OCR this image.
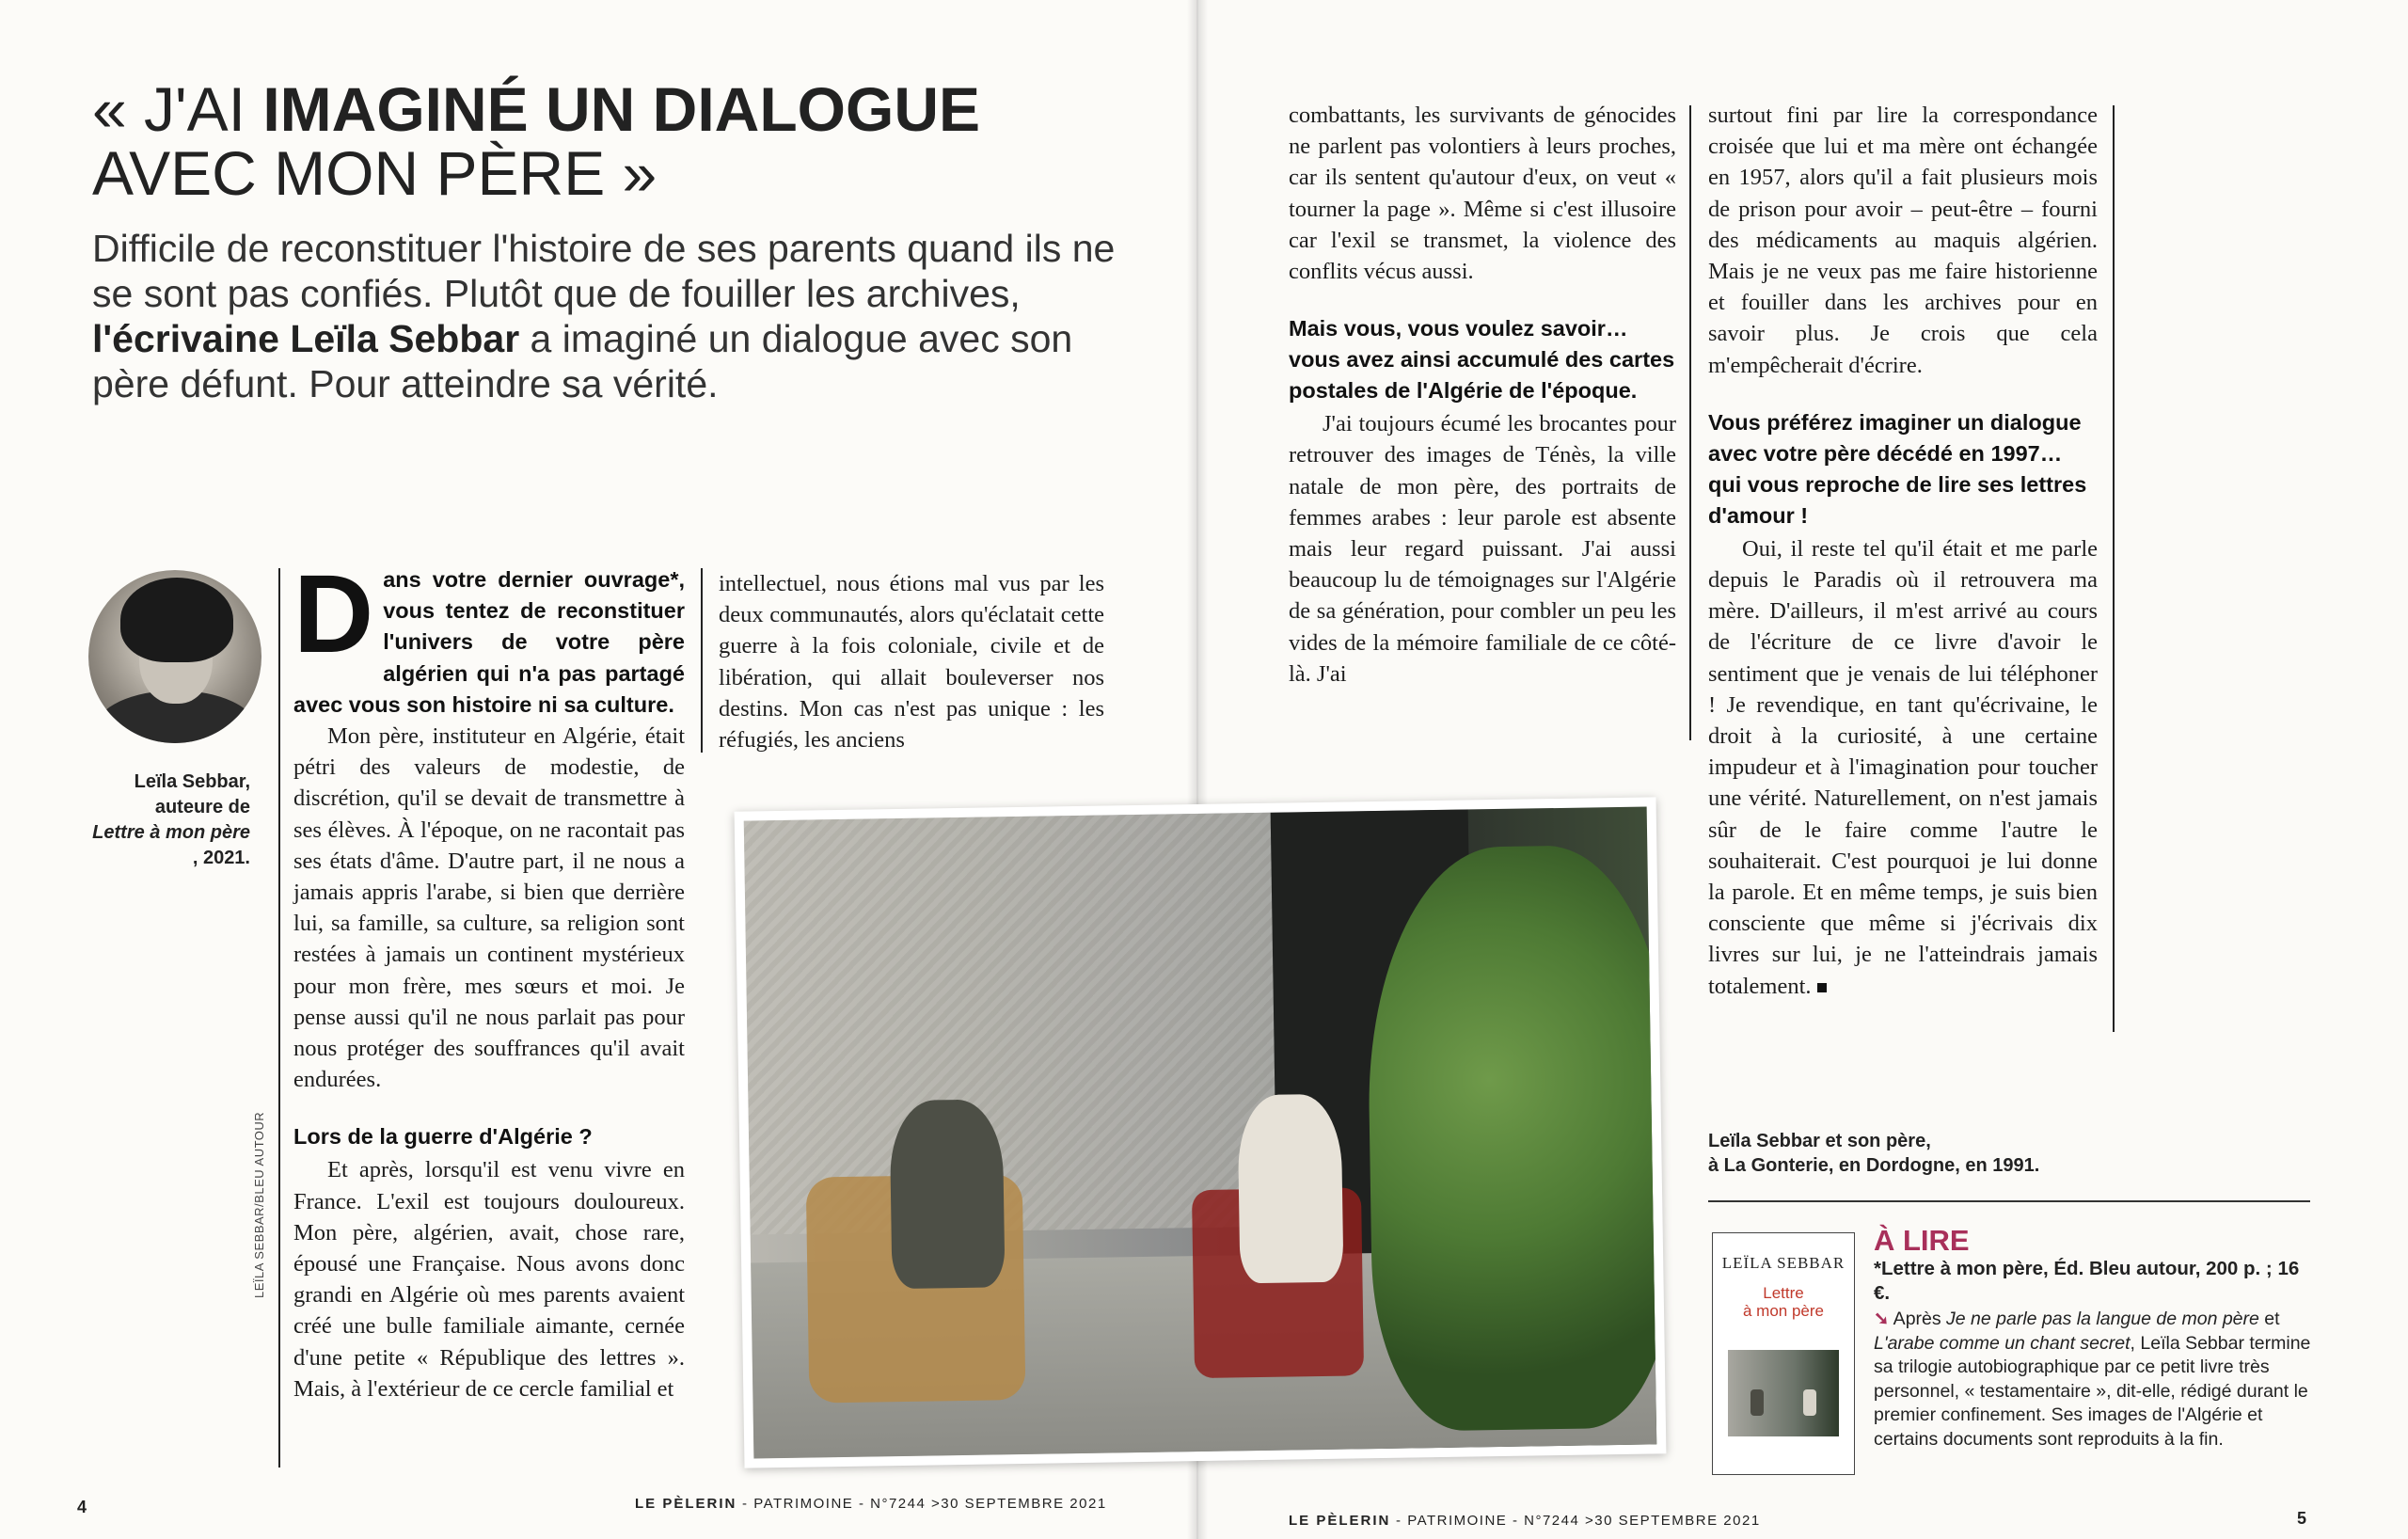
« J'AI IMAGINÉ UN DIALOGUE
AVEC MON PÈRE »

Difficile de reconstituer l'histoire de ses parents quand ils ne se sont pas confiés. Plutôt que de fouiller les archives, l'écrivaine Leïla Sebbar a imaginé un dialogue avec son père défunt. Pour atteindre sa vérité.

Leïla Sebbar,
auteure de
Lettre à mon père
, 2021.

Dans votre dernier ouvrage*, vous tentez de reconstituer l'univers de votre père algérien qui n'a pas partagé avec vous son histoire ni sa culture.

Mon père, instituteur en Algérie, était pétri des valeurs de modestie, de discrétion, qu'il se devait de transmettre à ses élèves. À l'époque, on ne racontait pas ses états d'âme. D'autre part, il ne nous a jamais appris l'arabe, si bien que derrière lui, sa famille, sa culture, sa religion sont restées à jamais un continent mystérieux pour mon frère, mes sœurs et moi. Je pense aussi qu'il ne nous parlait pas pour nous protéger des souffrances qu'il avait endurées.

Lors de la guerre d'Algérie ?

Et après, lorsqu'il est venu vivre en France. L'exil est toujours douloureux. Mon père, algérien, avait, chose rare, épousé une Française. Nous avons donc grandi en Algérie où mes parents avaient créé une bulle familiale aimante, cernée d'une petite « République des lettres ». Mais, à l'extérieur de ce cercle familial et

intellectuel, nous étions mal vus par les deux communautés, alors qu'éclatait cette guerre à la fois coloniale, civile et de libération, qui allait bouleverser nos destins. Mon cas n'est pas unique : les réfugiés, les anciens

combattants, les survivants de génocides ne parlent pas volontiers à leurs proches, car ils sentent qu'autour d'eux, on veut « tourner la page ». Même si c'est illusoire car l'exil se transmet, la violence des conflits vécus aussi.

Mais vous, vous voulez savoir… vous avez ainsi accumulé des cartes postales de l'Algérie de l'époque.

J'ai toujours écumé les brocantes pour retrouver des images de Ténès, la ville natale de mon père, des portraits de femmes arabes : leur parole est absente mais leur regard puissant. J'ai aussi beaucoup lu de témoignages sur l'Algérie de sa génération, pour combler un peu les vides de la mémoire familiale de ce côté-là. J'ai

surtout fini par lire la correspondance croisée que lui et ma mère ont échangée en 1957, alors qu'il a fait plusieurs mois de prison pour avoir – peut-être – fourni des médicaments au maquis algérien. Mais je ne veux pas me faire historienne et fouiller dans les archives pour en savoir plus. Je crois que cela m'empêcherait d'écrire.

Vous préférez imaginer un dialogue avec votre père décédé en 1997… qui vous reproche de lire ses lettres d'amour !

Oui, il reste tel qu'il était et me parle depuis le Paradis où il retrouvera ma mère. D'ailleurs, il m'est arrivé au cours de l'écriture de ce livre d'avoir le sentiment que je venais de lui téléphoner ! Je revendique, en tant qu'écrivaine, le droit à la curiosité, à une certaine impudeur et à l'imagination pour toucher une vérité. Naturellement, on n'est jamais sûr de le faire comme l'autre le souhaiterait. C'est pourquoi je lui donne la parole. Et en même temps, je suis bien consciente que même si j'écrivais dix livres sur lui, je ne l'atteindrais jamais totalement.

LEÏLA SEBBAR/BLEU AUTOUR	Leïla Sebbar et son père,
à La Gonterie, en Dordogne, en 1991.
LEÏLA SEBBAR
Lettre
à mon père
À LIRE
*Lettre à mon père, Éd. Bleu autour, 200 p. ; 16 €.
➘ Après Je ne parle pas la langue de mon père et L'arabe comme un chant secret, Leïla Sebbar termine sa trilogie autobiographique par ce petit livre très personnel, « testamentaire », dit-elle, rédigé durant le premier confinement. Ses images de l'Algérie et certains documents sont reproduits à la fin.
4	LE PÈLERIN - PATRIMOINE - N°7244 >30 SEPTEMBRE 2021
LE PÈLERIN - PATRIMOINE - N°7244 >30 SEPTEMBRE 2021	5
